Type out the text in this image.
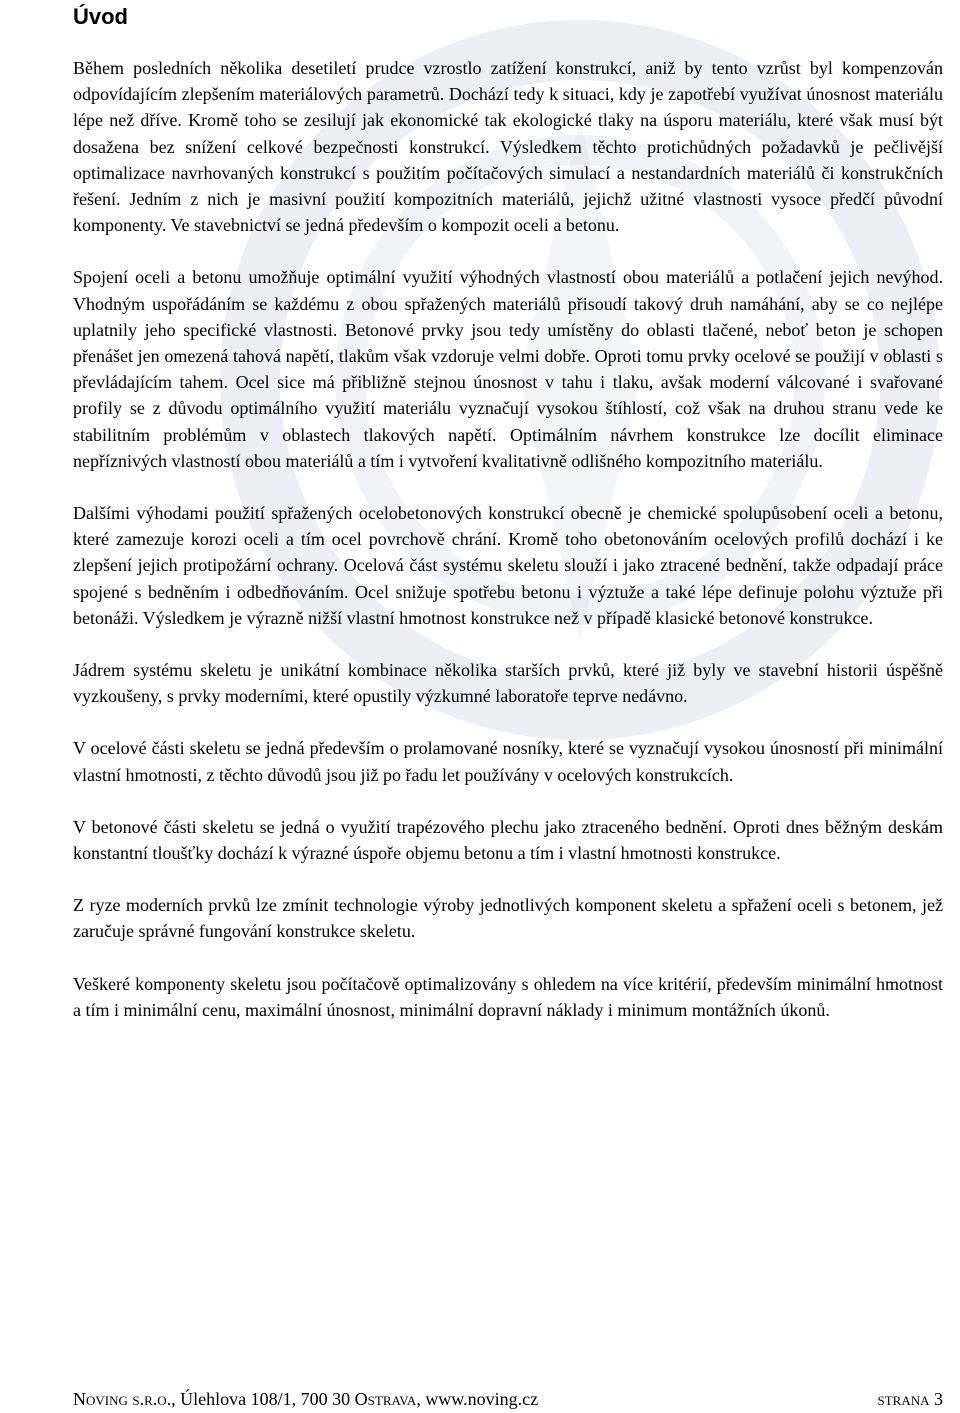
Úvod

Během posledních několika desetiletí prudce vzrostlo zatížení konstrukcí, aniž by tento vzrůst byl kompenzován odpovídajícím zlepšením materiálových parametrů. Dochází tedy k situaci, kdy je zapotřebí využívat únosnost materiálu lépe než dříve. Kromě toho se zesilují jak ekonomické tak ekologické tlaky na úsporu materiálu, které však musí být dosažena bez snížení celkové bezpečnosti konstrukcí. Výsledkem těchto protichůdných požadavků je pečlivější optimalizace navrhovaných konstrukcí s použitím počítačových simulací a nestandardních materiálů či konstrukčních řešení. Jedním z nich je masivní použití kompozitních materiálů, jejichž užitné vlastnosti vysoce předčí původní komponenty. Ve stavebnictví se jedná především o kompozit oceli a betonu.

Spojení oceli a betonu umožňuje optimální využití výhodných vlastností obou materiálů a potlačení jejich nevýhod. Vhodným uspořádáním se každému z obou spřažených materiálů přisoudí takový druh namáhání, aby se co nejlépe uplatnily jeho specifické vlastnosti. Betonové prvky jsou tedy umístěny do oblasti tlačené, neboť beton je schopen přenášet jen omezená tahová napětí, tlakům však vzdoruje velmi dobře. Oproti tomu prvky ocelové se použijí v oblasti s převládajícím tahem. Ocel sice má přibližně stejnou únosnost v tahu i tlaku, avšak moderní válcované i svařované profily se z důvodu optimálního využití materiálu vyznačují vysokou štíhlostí, což však na druhou stranu vede ke stabilitním problémům v oblastech tlakových napětí. Optimálním návrhem konstrukce lze docílit eliminace nepříznivých vlastností obou materiálů a tím i vytvoření kvalitativně odlišného kompozitního materiálu.

Dalšími výhodami použití spřažených ocelobetonových konstrukcí obecně je chemické spolupůsobení oceli a betonu, které zamezuje korozi oceli a tím ocel povrchově chrání. Kromě toho obetonováním ocelových profilů dochází i ke zlepšení jejich protipožární ochrany. Ocelová část systému skeletu slouží i jako ztracené bednění, takže odpadají práce spojené s bedněním i odbedňováním. Ocel snižuje spotřebu betonu i výztuže a také lépe definuje polohu výztuže při betonáži. Výsledkem je výrazně nižší vlastní hmotnost konstrukce než v případě klasické betonové konstrukce.

Jádrem systému skeletu je unikátní kombinace několika starších prvků, které již byly ve stavební historii úspěšně vyzkoušeny, s prvky moderními, které opustily výzkumné laboratoře teprve nedávno.

V ocelové části skeletu se jedná především o prolamované nosníky, které se vyznačují vysokou únosností při minimální vlastní hmotnosti, z těchto důvodů jsou již po řadu let používány v ocelových konstrukcích.

V betonové části skeletu se jedná o využití trapézového plechu jako ztraceného bednění. Oproti dnes běžným deskám konstantní tloušťky dochází k výrazné úspoře objemu betonu a tím i vlastní hmotnosti konstrukce.

Z ryze moderních prvků lze zmínit technologie výroby jednotlivých komponent skeletu a spřažení oceli s betonem, jež zaručuje správné fungování konstrukce skeletu.

Veškeré komponenty skeletu jsou počítačově optimalizovány s ohledem na více kritérií, především minimální hmotnost a tím i minimální cenu, maximální únosnost, minimální dopravní náklady i minimum montážních úkonů.

Noving s.r.o., Úlehlova 108/1, 700 30 Ostrava, www.noving.cz	strana 3
